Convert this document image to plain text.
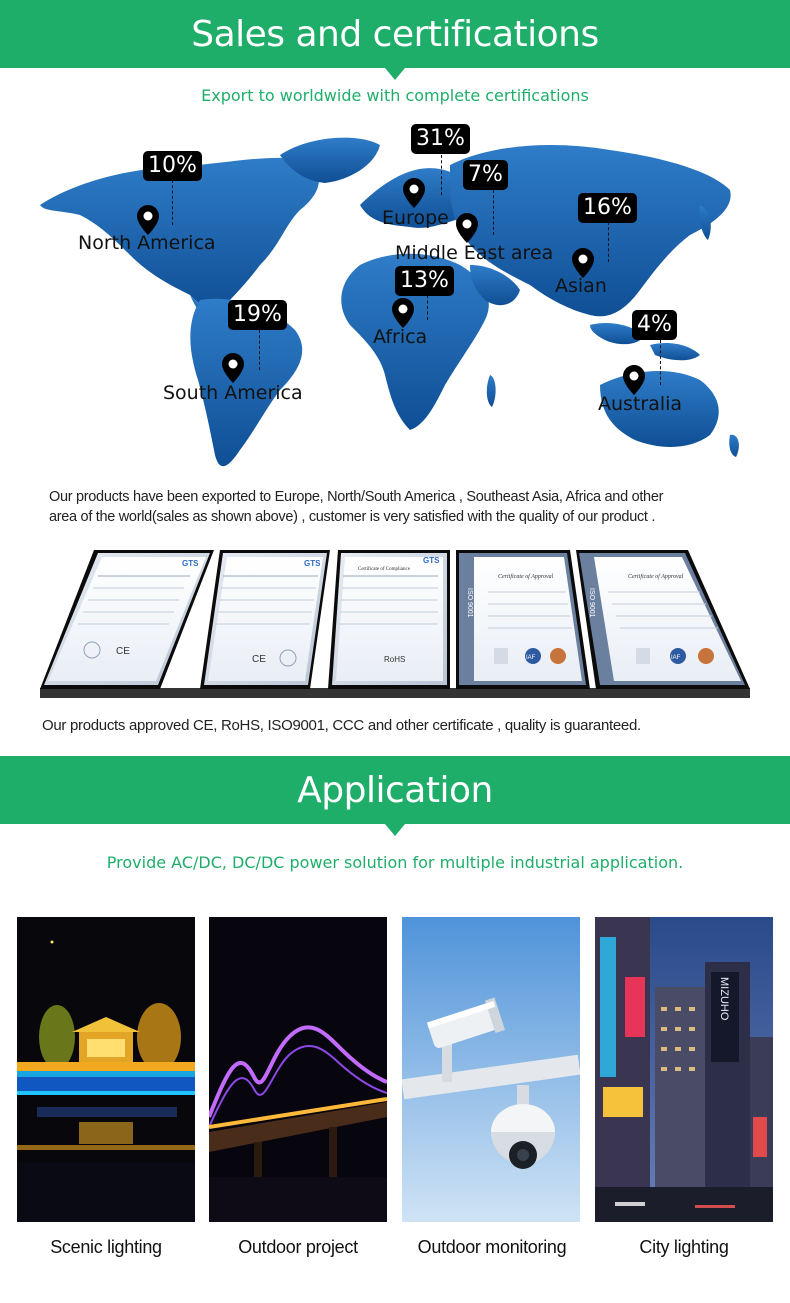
Sales and certifications
Export to worldwide with complete certifications
10%
31%
7%
16%
13%
19%	4%
North America
Europe
Middle East area
Asian
Africa
South America	Australia
Our products have been exported to Europe, North/South America , Southeast Asia, Africa and other
area of the world(sales as shown above) , customer is very satisfied with the quality of our product .
GTS
CE
GTS
CE
GTS
Certificate of Compliance
RoHS
ISO 9001
Certificate of Approval
IAF
ISO 9001
Certificate of Approval
IAF
Our products approved CE, RoHS, ISO9001, CCC and other certificate , quality is guaranteed.
Application
Provide AC/DC, DC/DC power solution for multiple industrial application.
MIZUHO
Scenic lighting	Outdoor project	Outdoor monitoring	City lighting
